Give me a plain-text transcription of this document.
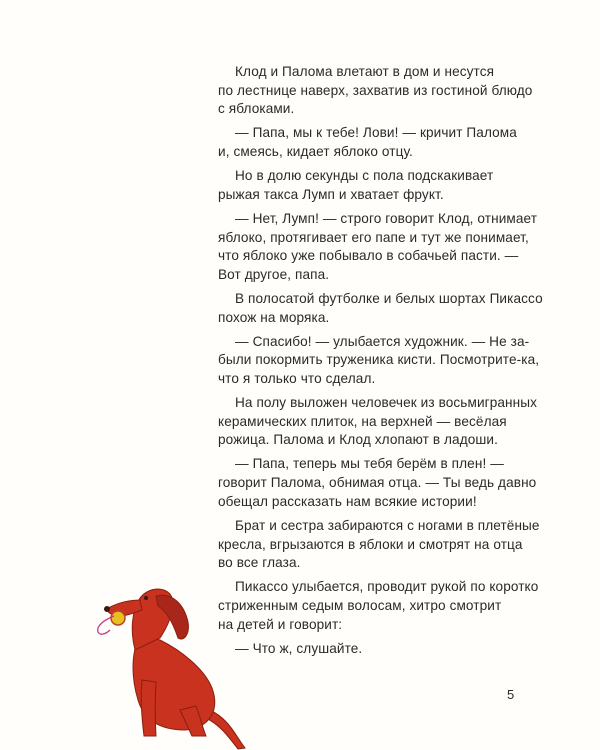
Клод и Палома влетают в дом и несутся
по лестнице наверх, захватив из гостиной блюдо
с яблоками.

— Папа, мы к тебе! Лови! — кричит Палома
и, смеясь, кидает яблоко отцу.

Но в долю секунды с пола подскакивает
рыжая такса Лумп и хватает фрукт.

— Нет, Лумп! — строго говорит Клод, отнимает
яблоко, протягивает его папе и тут же понимает,
что яблоко уже побывало в собачьей пасти. —
Вот другое, папа.

В полосатой футболке и белых шортах Пикассо
похож на моряка.

— Спасибо! — улыбается художник. — Не за-
были покормить труженика кисти. Посмотрите-ка,
что я только что сделал.

На полу выложен человечек из восьмигранных
керамических плиток, на верхней — весёлая
рожица. Палома и Клод хлопают в ладоши.

— Папа, теперь мы тебя берём в плен! —
говорит Палома, обнимая отца. — Ты ведь давно
обещал рассказать нам всякие истории!

Брат и сестра забираются с ногами в плетёные
кресла, вгрызаются в яблоки и смотрят на отца
во все глаза.

Пикассо улыбается, проводит рукой по коротко
стриженным седым волосам, хитро смотрит
на детей и говорит:

— Что ж, слушайте.

5
